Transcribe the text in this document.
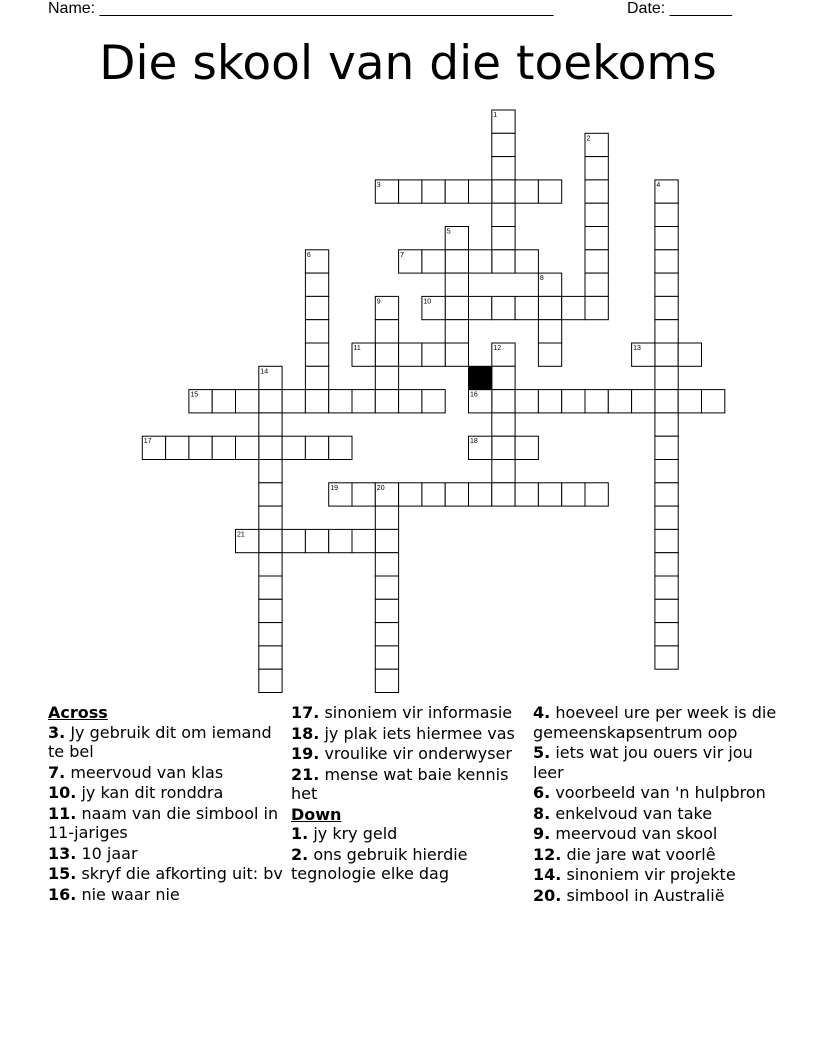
Name: ___________________________________________________	Date: _______
Die skool van die toekoms
1
2
3	4
5
6	7
8
9	10
11	12	13
14
15	16
17	18
19	20
21
Across
3. Jy gebruik dit om iemand te bel
7. meervoud van klas
10. jy kan dit ronddra
11. naam van die simbool in 11-jariges
13. 10 jaar
15. skryf die afkorting uit: bv
16. nie waar nie
17. sinoniem vir informasie
18. jy plak iets hiermee vas
19. vroulike vir onderwyser
21. mense wat baie kennis het
Down
1. jy kry geld
2. ons gebruik hierdie tegnologie elke dag
4. hoeveel ure per week is die gemeenskapsentrum oop
5. iets wat jou ouers vir jou leer
6. voorbeeld van 'n hulpbron
8. enkelvoud van take
9. meervoud van skool
12. die jare wat voorlê
14. sinoniem vir projekte
20. simbool in Australië
